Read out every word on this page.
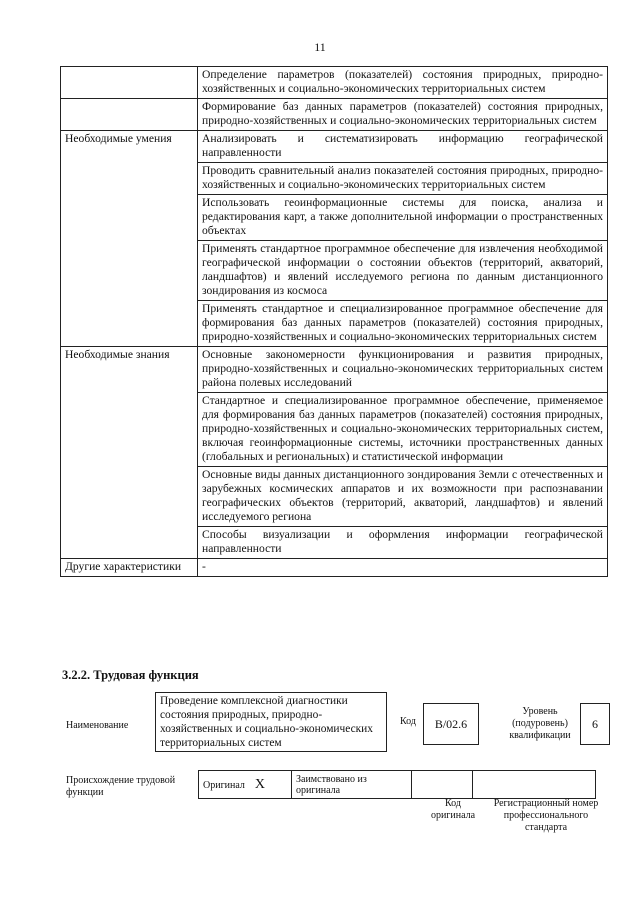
11
	Определение параметров (показателей) состояния природных, природно-хозяйственных и социально-экономических территориальных систем
	Формирование баз данных параметров (показателей) состояния природных, природно-хозяйственных и социально-экономических территориальных систем
Необходимые умения	Анализировать и систематизировать информацию географической направленности
	Проводить сравнительный анализ показателей состояния природных, природно-хозяйственных и социально-экономических территориальных систем
	Использовать геоинформационные системы для поиска, анализа и редактирования карт, а также дополнительной информации о пространственных объектах
	Применять стандартное программное обеспечение для извлечения необходимой географической информации о состоянии объектов (территорий, акваторий, ландшафтов) и явлений исследуемого региона по данным дистанционного зондирования из космоса
	Применять стандартное и специализированное программное обеспечение для формирования баз данных параметров (показателей) состояния природных, природно-хозяйственных и социально-экономических территориальных систем
Необходимые знания	Основные закономерности функционирования и развития природных, природно-хозяйственных и социально-экономических территориальных систем района полевых исследований
	Стандартное и специализированное программное обеспечение, применяемое для формирования баз данных параметров (показателей) состояния природных, природно-хозяйственных и социально-экономических территориальных систем, включая геоинформационные системы, источники пространственных данных (глобальных и региональных) и статистической информации
	Основные виды данных дистанционного зондирования Земли с отечественных и зарубежных космических аппаратов и их возможности при распознавании географических объектов (территорий, акваторий, ландшафтов) и явлений исследуемого региона
	Способы визуализации и оформления информации географической направленности
Другие характеристики	-
3.2.2. Трудовая функция
Наименование
Проведение комплексной диагностики состояния природных, природно-хозяйственных и социально-экономических территориальных систем
Код	B/02.6
Уровень (подуровень) квалификации
6
Происхождение трудовой функции
Оригинал X	Заимствовано из оригинала		
Код оригинала
Регистрационный номер профессионального стандарта
